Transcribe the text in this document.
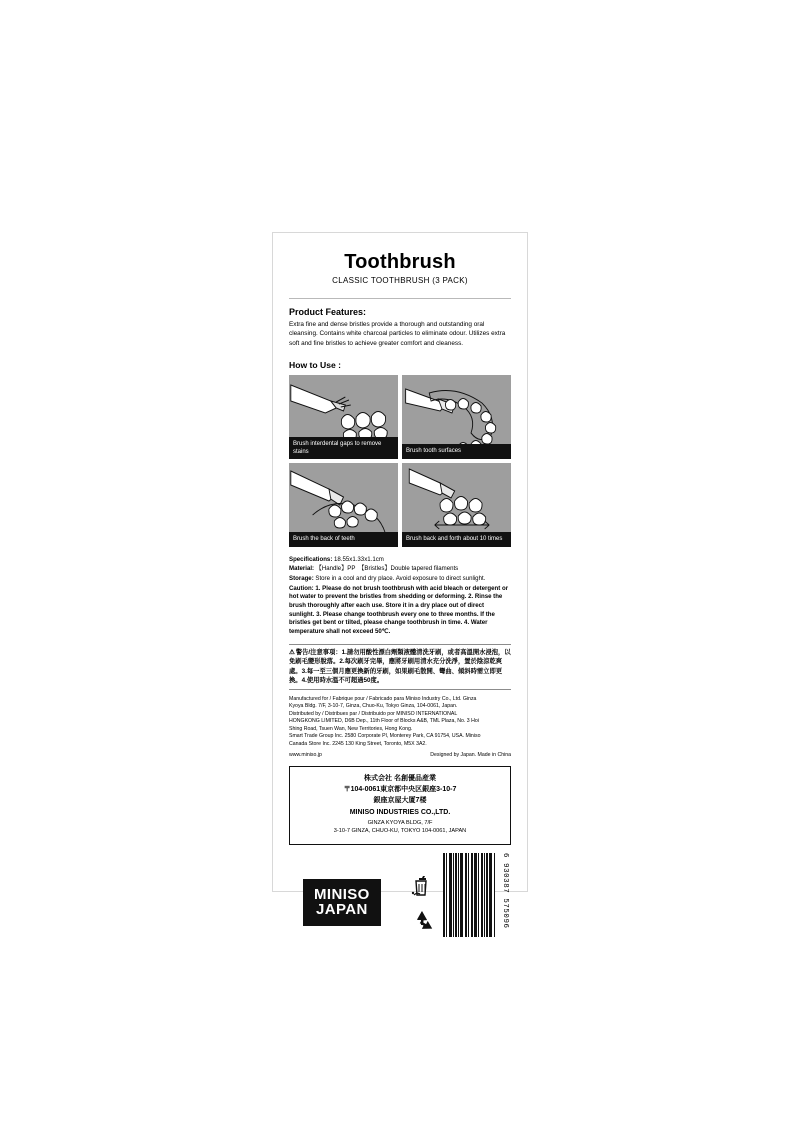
Toothbrush
CLASSIC TOOTHBRUSH (3 PACK)
Product Features:

Extra fine and dense bristles provide a thorough and outstanding oral cleansing. Contains white charcoal particles to eliminate odour. Utilizes extra soft and fine bristles to achieve greater comfort and cleaness.

How to Use :
Brush interdental gaps to remove stains	Brush tooth surfaces
Brush the back of teeth	Brush back and forth about 10 times

Specifications: 18.55x1.33x1.1cm

Material: 【Handle】PP　【Bristles】Double tapered filaments

Storage: Store in a cool and dry place. Avoid exposure to direct sunlight.

Caution: 1. Please do not brush toothbrush with acid bleach or detergent or hot water to prevent the bristles from shedding or deforming. 2. Rinse the brush thoroughly after each use. Store it in a dry place out of direct sunlight. 3. Please change toothbrush every one to three months. If the bristles get bent or tilted, please change toothbrush in time. 4. Water temperature shall not exceed 50℃.

⚠警告/注意事項：1.請勿用酸性漂白劑類液體清洗牙刷，或者高溫開水浸泡，以免刷毛變形脫落。2.每次刷牙完畢，應將牙刷用清水充分洗淨，置於陰涼乾爽處。3.每一至三個月應更換新的牙刷，如果刷毛散開、彎曲、傾斜時需立即更換。4.使用時水溫不可超過50度。

Manufactured for / Fabrique pour / Fabricado para Miniso Industry Co., Ltd. Ginza

Kyoya Bldg. 7/F, 3-10-7, Ginza, Chuo-Ku, Tokyo Ginza, 104-0061, Japan.

Distributed by / Distribues par / Distribuido por MINISO INTERNATIONAL

HONGKONG LIMITED, D6B Dep., 11th Floor of Blocks A&B, TML Plaza, No. 3 Hoi

Shing Road, Tsuen Wan, New Territories, Hong Kong.

Smart Trade Group Inc. 2580 Corporate Pl, Monterey Park, CA 91754, USA. Miniso

Canada Store Inc. 2245 130 King Street, Toronto, M5X 3A2.

www.miniso.jp	Designed by Japan. Made in China
株式会社 名創優品産業
〒104-0061東京都中央区銀座3-10-7
銀座京屋大厦7楼
MINISO INDUSTRIES CO.,LTD.
GINZA KYOYA BLDG, 7/F
3-10-7 GINZA, CHUO-KU, TOKYO 104-0061, JAPAN
MINISO
JAPAN	6 930387 575096
